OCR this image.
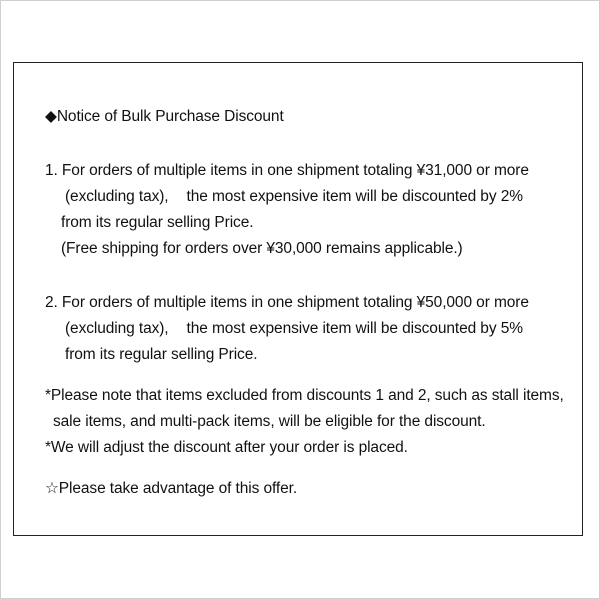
◆Notice of Bulk Purchase Discount
1. For orders of multiple items in one shipment totaling ¥31,000 or more
(excluding tax), the most expensive item will be discounted by 2%
from its regular selling Price.
(Free shipping for orders over ¥30,000 remains applicable.)
2. For orders of multiple items in one shipment totaling ¥50,000 or more
(excluding tax), the most expensive item will be discounted by 5%
from its regular selling Price.
*Please note that items excluded from discounts 1 and 2, such as stall items,
sale items, and multi-pack items, will be eligible for the discount.
*We will adjust the discount after your order is placed.
☆Please take advantage of this offer.
